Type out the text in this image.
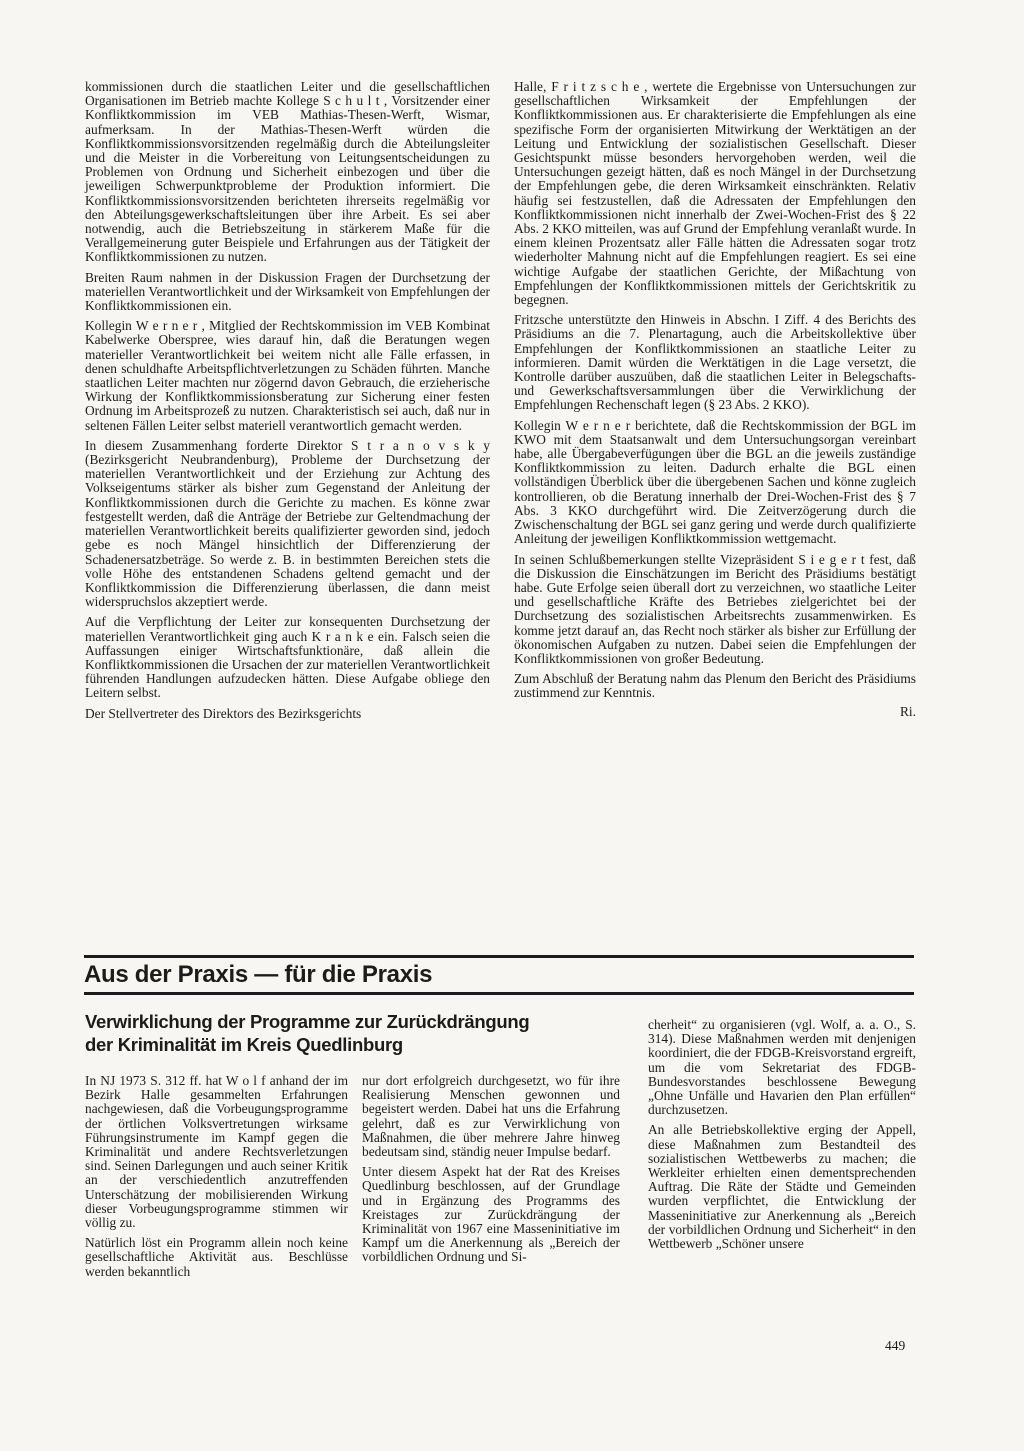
kommissionen durch die staatlichen Leiter und die gesellschaftlichen Organisationen im Betrieb machte Kollege S c h u l t , Vorsitzender einer Konfliktkommission im VEB Mathias-Thesen-Werft, Wismar, aufmerksam. In der Mathias-Thesen-Werft würden die Konfliktkommissionsvorsitzenden regelmäßig durch die Abteilungsleiter und die Meister in die Vorbereitung von Leitungsentscheidungen zu Problemen von Ordnung und Sicherheit einbezogen und über die jeweiligen Schwerpunktprobleme der Produktion informiert. Die Konfliktkommissionsvorsitzenden berichteten ihrerseits regelmäßig vor den Abteilungsgewerkschaftsleitungen über ihre Arbeit. Es sei aber notwendig, auch die Betriebszeitung in stärkerem Maße für die Verallgemeinerung guter Beispiele und Erfahrungen aus der Tätigkeit der Konfliktkommissionen zu nutzen.

Breiten Raum nahmen in der Diskussion Fragen der Durchsetzung der materiellen Verantwortlichkeit und der Wirksamkeit von Empfehlungen der Konfliktkommissionen ein.

Kollegin W e r n e r , Mitglied der Rechtskommission im VEB Kombinat Kabelwerke Oberspree, wies darauf hin, daß die Beratungen wegen materieller Verantwortlichkeit bei weitem nicht alle Fälle erfassen, in denen schuldhafte Arbeitspflichtverletzungen zu Schäden führten. Manche staatlichen Leiter machten nur zögernd davon Gebrauch, die erzieherische Wirkung der Konfliktkommissionsberatung zur Sicherung einer festen Ordnung im Arbeitsprozeß zu nutzen. Charakteristisch sei auch, daß nur in seltenen Fällen Leiter selbst materiell verantwortlich gemacht werden.

In diesem Zusammenhang forderte Direktor S t r a n o v s k y (Bezirksgericht Neubrandenburg), Probleme der Durchsetzung der materiellen Verantwortlichkeit und der Erziehung zur Achtung des Volkseigentums stärker als bisher zum Gegenstand der Anleitung der Konfliktkommissionen durch die Gerichte zu machen. Es könne zwar festgestellt werden, daß die Anträge der Betriebe zur Geltendmachung der materiellen Verantwortlichkeit bereits qualifizierter geworden sind, jedoch gebe es noch Mängel hinsichtlich der Differenzierung der Schadenersatzbeträge. So werde z. B. in bestimmten Bereichen stets die volle Höhe des entstandenen Schadens geltend gemacht und der Konfliktkommission die Differenzierung überlassen, die dann meist widerspruchslos akzeptiert werde.

Auf die Verpflichtung der Leiter zur konsequenten Durchsetzung der materiellen Verantwortlichkeit ging auch K r a n k e ein. Falsch seien die Auffassungen einiger Wirtschaftsfunktionäre, daß allein die Konfliktkommissionen die Ursachen der zur materiellen Verantwortlichkeit führenden Handlungen aufzudecken hätten. Diese Aufgabe obliege den Leitern selbst.

Der Stellvertreter des Direktors des Bezirksgerichts

Halle, F r i t z s c h e , wertete die Ergebnisse von Untersuchungen zur gesellschaftlichen Wirksamkeit der Empfehlungen der Konfliktkommissionen aus. Er charakterisierte die Empfehlungen als eine spezifische Form der organisierten Mitwirkung der Werktätigen an der Leitung und Entwicklung der sozialistischen Gesellschaft. Dieser Gesichtspunkt müsse besonders hervorgehoben werden, weil die Untersuchungen gezeigt hätten, daß es noch Mängel in der Durchsetzung der Empfehlungen gebe, die deren Wirksamkeit einschränkten. Relativ häufig sei festzustellen, daß die Adressaten der Empfehlungen den Konfliktkommissionen nicht innerhalb der Zwei-Wochen-Frist des § 22 Abs. 2 KKO mitteilen, was auf Grund der Empfehlung veranlaßt wurde. In einem kleinen Prozentsatz aller Fälle hätten die Adressaten sogar trotz wiederholter Mahnung nicht auf die Empfehlungen reagiert. Es sei eine wichtige Aufgabe der staatlichen Gerichte, der Mißachtung von Empfehlungen der Konfliktkommissionen mittels der Gerichtskritik zu begegnen.

Fritzsche unterstützte den Hinweis in Abschn. I Ziff. 4 des Berichts des Präsidiums an die 7. Plenartagung, auch die Arbeitskollektive über Empfehlungen der Konfliktkommissionen an staatliche Leiter zu informieren. Damit würden die Werktätigen in die Lage versetzt, die Kontrolle darüber auszuüben, daß die staatlichen Leiter in Belegschafts- und Gewerkschaftsversammlungen über die Verwirklichung der Empfehlungen Rechenschaft legen (§ 23 Abs. 2 KKO).

Kollegin W e r n e r berichtete, daß die Rechtskommission der BGL im KWO mit dem Staatsanwalt und dem Untersuchungsorgan vereinbart habe, alle Übergabeverfügungen über die BGL an die jeweils zuständige Konfliktkommission zu leiten. Dadurch erhalte die BGL einen vollständigen Überblick über die übergebenen Sachen und könne zugleich kontrollieren, ob die Beratung innerhalb der Drei-Wochen-Frist des § 7 Abs. 3 KKO durchgeführt wird. Die Zeitverzögerung durch die Zwischenschaltung der BGL sei ganz gering und werde durch qualifizierte Anleitung der jeweiligen Konfliktkommission wettgemacht.

In seinen Schlußbemerkungen stellte Vizepräsident S i e g e r t fest, daß die Diskussion die Einschätzungen im Bericht des Präsidiums bestätigt habe. Gute Erfolge seien überall dort zu verzeichnen, wo staatliche Leiter und gesellschaftliche Kräfte des Betriebes zielgerichtet bei der Durchsetzung des sozialistischen Arbeitsrechts zusammenwirken. Es komme jetzt darauf an, das Recht noch stärker als bisher zur Erfüllung der ökonomischen Aufgaben zu nutzen. Dabei seien die Empfehlungen der Konfliktkommissionen von großer Bedeutung.

Zum Abschluß der Beratung nahm das Plenum den Bericht des Präsidiums zustimmend zur Kenntnis.

Ri.
Aus der Praxis — für die Praxis
Verwirklichung der Programme zur Zurückdrängung der Kriminalität im Kreis Quedlinburg

In NJ 1973 S. 312 ff. hat W o l f anhand der im Bezirk Halle gesammelten Erfahrungen nachgewiesen, daß die Vorbeugungsprogramme der örtlichen Volksvertretungen wirksame Führungsinstrumente im Kampf gegen die Kriminalität und andere Rechtsverletzungen sind. Seinen Darlegungen und auch seiner Kritik an der verschiedentlich anzutreffenden Unterschätzung der mobilisierenden Wirkung dieser Vorbeugungsprogramme stimmen wir völlig zu.

Natürlich löst ein Programm allein noch keine gesellschaftliche Aktivität aus. Beschlüsse werden bekanntlich

nur dort erfolgreich durchgesetzt, wo für ihre Realisierung Menschen gewonnen und begeistert werden. Dabei hat uns die Erfahrung gelehrt, daß es zur Verwirklichung von Maßnahmen, die über mehrere Jahre hinweg bedeutsam sind, ständig neuer Impulse bedarf.

Unter diesem Aspekt hat der Rat des Kreises Quedlinburg beschlossen, auf der Grundlage und in Ergänzung des Programms des Kreistages zur Zurückdrängung der Kriminalität von 1967 eine Masseninitiative im Kampf um die Anerkennung als „Bereich der vorbildlichen Ordnung und Si-

cherheit“ zu organisieren (vgl. Wolf, a. a. O., S. 314). Diese Maßnahmen werden mit denjenigen koordiniert, die der FDGB-Kreisvorstand ergreift, um die vom Sekretariat des FDGB-Bundesvorstandes beschlossene Bewegung „Ohne Unfälle und Havarien den Plan erfüllen“ durchzusetzen.

An alle Betriebskollektive erging der Appell, diese Maßnahmen zum Bestandteil des sozialistischen Wettbewerbs zu machen; die Werkleiter erhielten einen dementsprechenden Auftrag. Die Räte der Städte und Gemeinden wurden verpflichtet, die Entwicklung der Masseninitiative zur Anerkennung als „Bereich der vorbildlichen Ordnung und Sicherheit“ in den Wettbewerb „Schöner unsere

449
